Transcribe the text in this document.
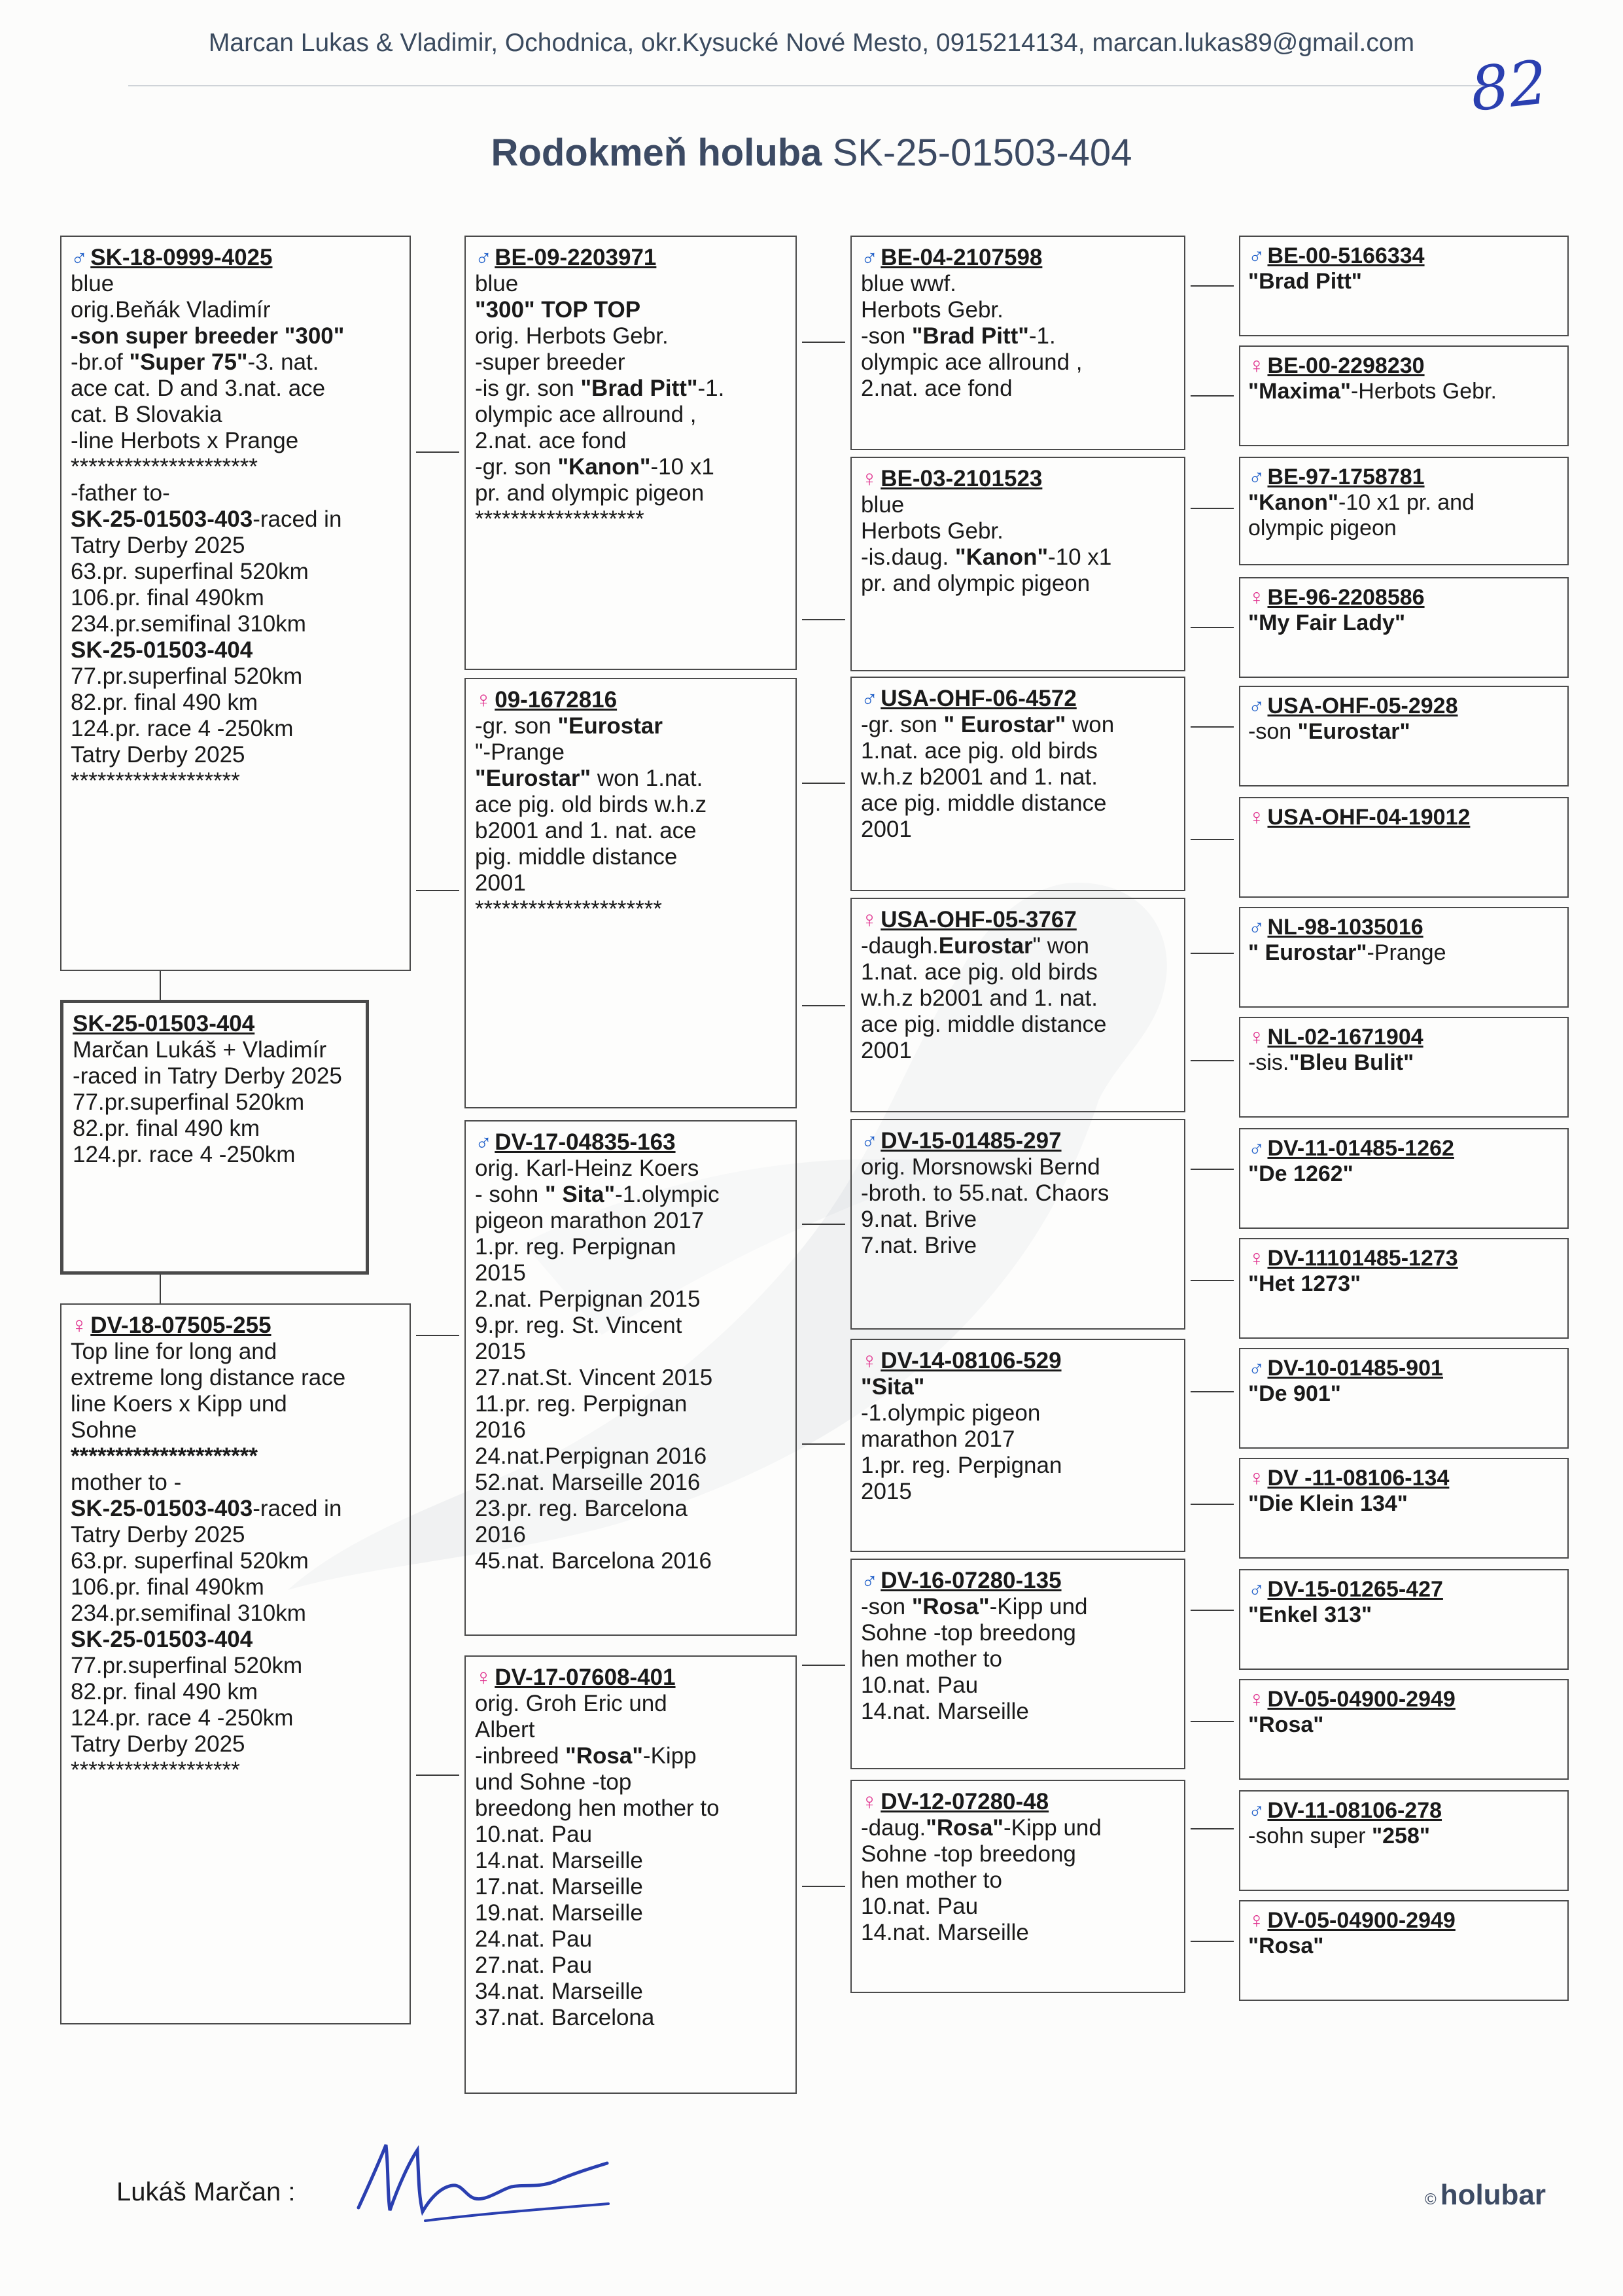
Marcan Lukas & Vladimir, Ochodnica, okr.Kysucké Nové Mesto, 0915214134, marcan.lukas89@gmail.com
82
Rodokmeň holuba SK-25-01503-404
♂ SK-18-0999-4025
blue
orig.Beňák Vladimír
-son super breeder "300"
-br.of "Super 75"-3. nat.
ace cat. D and 3.nat. ace
cat. B Slovakia
-line Herbots x Prange
*********************
-father to-
SK-25-01503-403-raced in
Tatry Derby 2025
63.pr. superfinal 520km
106.pr. final 490km
234.pr.semifinal 310km
SK-25-01503-404
77.pr.superfinal 520km
82.pr. final 490 km
124.pr. race 4 -250km
Tatry Derby 2025
*******************
SK-25-01503-404
Marčan Lukáš + Vladimír
-raced in Tatry Derby 2025
77.pr.superfinal 520km
82.pr. final 490 km
124.pr. race 4 -250km
♀ DV-18-07505-255
Top line for long and
extreme long distance race
line Koers x Kipp und
Sohne
*********************
mother to -
SK-25-01503-403-raced in
Tatry Derby 2025
63.pr. superfinal 520km
106.pr. final 490km
234.pr.semifinal 310km
SK-25-01503-404
77.pr.superfinal 520km
82.pr. final 490 km
124.pr. race 4 -250km
Tatry Derby 2025
*******************
♂ BE-09-2203971
blue
"300" TOP TOP
orig. Herbots Gebr.
-super breeder
-is gr. son "Brad Pitt"-1.
olympic ace allround ,
2.nat. ace fond
-gr. son "Kanon"-10 x1
pr. and olympic pigeon
*******************
♀ 09-1672816
-gr. son "Eurostar
"-Prange
"Eurostar" won 1.nat.
ace pig. old birds w.h.z
b2001 and 1. nat. ace
pig. middle distance
2001
*********************
♂ DV-17-04835-163
orig. Karl-Heinz Koers
- sohn " Sita"-1.olympic
pigeon marathon 2017
1.pr. reg. Perpignan
2015
2.nat. Perpignan 2015
9.pr. reg. St. Vincent
2015
27.nat.St. Vincent 2015
11.pr. reg. Perpignan
2016
24.nat.Perpignan 2016
52.nat. Marseille 2016
23.pr. reg. Barcelona
2016
45.nat. Barcelona 2016
♀ DV-17-07608-401
orig. Groh Eric und
Albert
-inbreed "Rosa"-Kipp
und Sohne -top
breedong hen mother to
10.nat. Pau
14.nat. Marseille
17.nat. Marseille
19.nat. Marseille
24.nat. Pau
27.nat. Pau
34.nat. Marseille
37.nat. Barcelona
♂ BE-04-2107598
blue wwf.
Herbots Gebr.
-son "Brad Pitt"-1.
olympic ace allround ,
2.nat. ace fond
♀ BE-03-2101523
blue
Herbots Gebr.
-is.daug. "Kanon"-10 x1
pr. and olympic pigeon
♂ USA-OHF-06-4572
-gr. son " Eurostar" won
1.nat. ace pig. old birds
w.h.z b2001 and 1. nat.
ace pig. middle distance
2001
♀ USA-OHF-05-3767
-daugh.Eurostar" won
1.nat. ace pig. old birds
w.h.z b2001 and 1. nat.
ace pig. middle distance
2001
♂ DV-15-01485-297
orig. Morsnowski Bernd
-broth. to 55.nat. Chaors
9.nat. Brive
7.nat. Brive
♀ DV-14-08106-529
"Sita"
-1.olympic pigeon
marathon 2017
1.pr. reg. Perpignan
2015
♂ DV-16-07280-135
-son "Rosa"-Kipp und
Sohne -top breedong
hen mother to
10.nat. Pau
14.nat. Marseille
♀ DV-12-07280-48
-daug."Rosa"-Kipp und
Sohne -top breedong
hen mother to
10.nat. Pau
14.nat. Marseille
♂ BE-00-5166334
"Brad Pitt"
♀ BE-00-2298230
"Maxima"-Herbots Gebr.
♂ BE-97-1758781
"Kanon"-10 x1 pr. and
olympic pigeon
♀ BE-96-2208586
"My Fair Lady"
♂ USA-OHF-05-2928
-son "Eurostar"
♀ USA-OHF-04-19012
♂ NL-98-1035016
" Eurostar"-Prange
♀ NL-02-1671904
-sis."Bleu Bulit"
♂ DV-11-01485-1262
"De 1262"
♀ DV-11101485-1273
"Het 1273"
♂ DV-10-01485-901
"De 901"
♀ DV -11-08106-134
"Die Klein 134"
♂ DV-15-01265-427
"Enkel 313"
♀ DV-05-04900-2949
"Rosa"
♂ DV-11-08106-278
-sohn super "258"
♀ DV-05-04900-2949
"Rosa"
Lukáš Marčan :	© holubar
